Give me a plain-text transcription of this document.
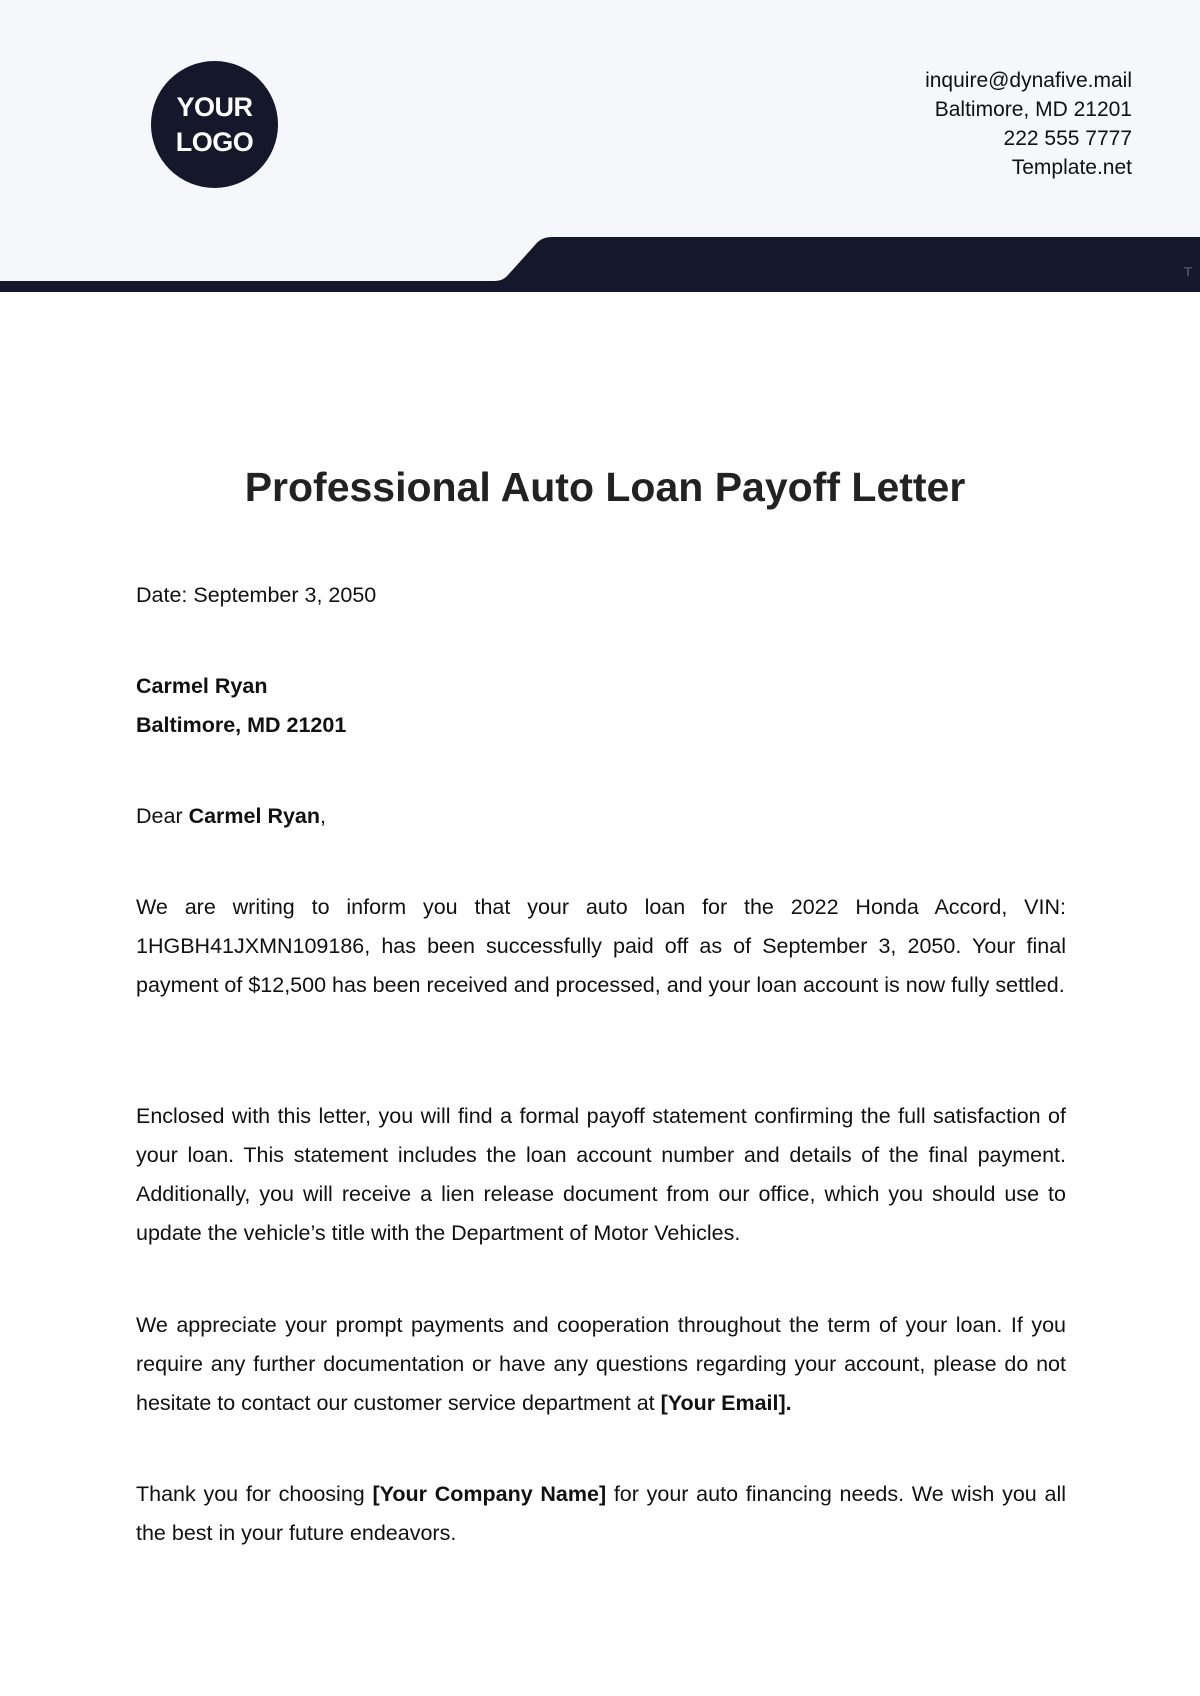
YOUR
LOGO
inquire@dynafive.mail
Baltimore, MD 21201
222 555 7777
Template.net
T
Professional Auto Loan Payoff Letter
Date: September 3, 2050
Carmel Ryan
Baltimore, MD 21201
Dear Carmel Ryan,
We are writing to inform you that your auto loan for the 2022 Honda Accord, VIN: 1HGBH41JXMN109186, has been successfully paid off as of September 3, 2050. Your final payment of $12,500 has been received and processed, and your loan account is now fully settled.
Enclosed with this letter, you will find a formal payoff statement confirming the full satisfaction of your loan. This statement includes the loan account number and details of the final payment. Additionally, you will receive a lien release document from our office, which you should use to update the vehicle’s title with the Department of Motor Vehicles.
We appreciate your prompt payments and cooperation throughout the term of your loan. If you require any further documentation or have any questions regarding your account, please do not hesitate to contact our customer service department at [Your Email].
Thank you for choosing [Your Company Name] for your auto financing needs. We wish you all the best in your future endeavors.
